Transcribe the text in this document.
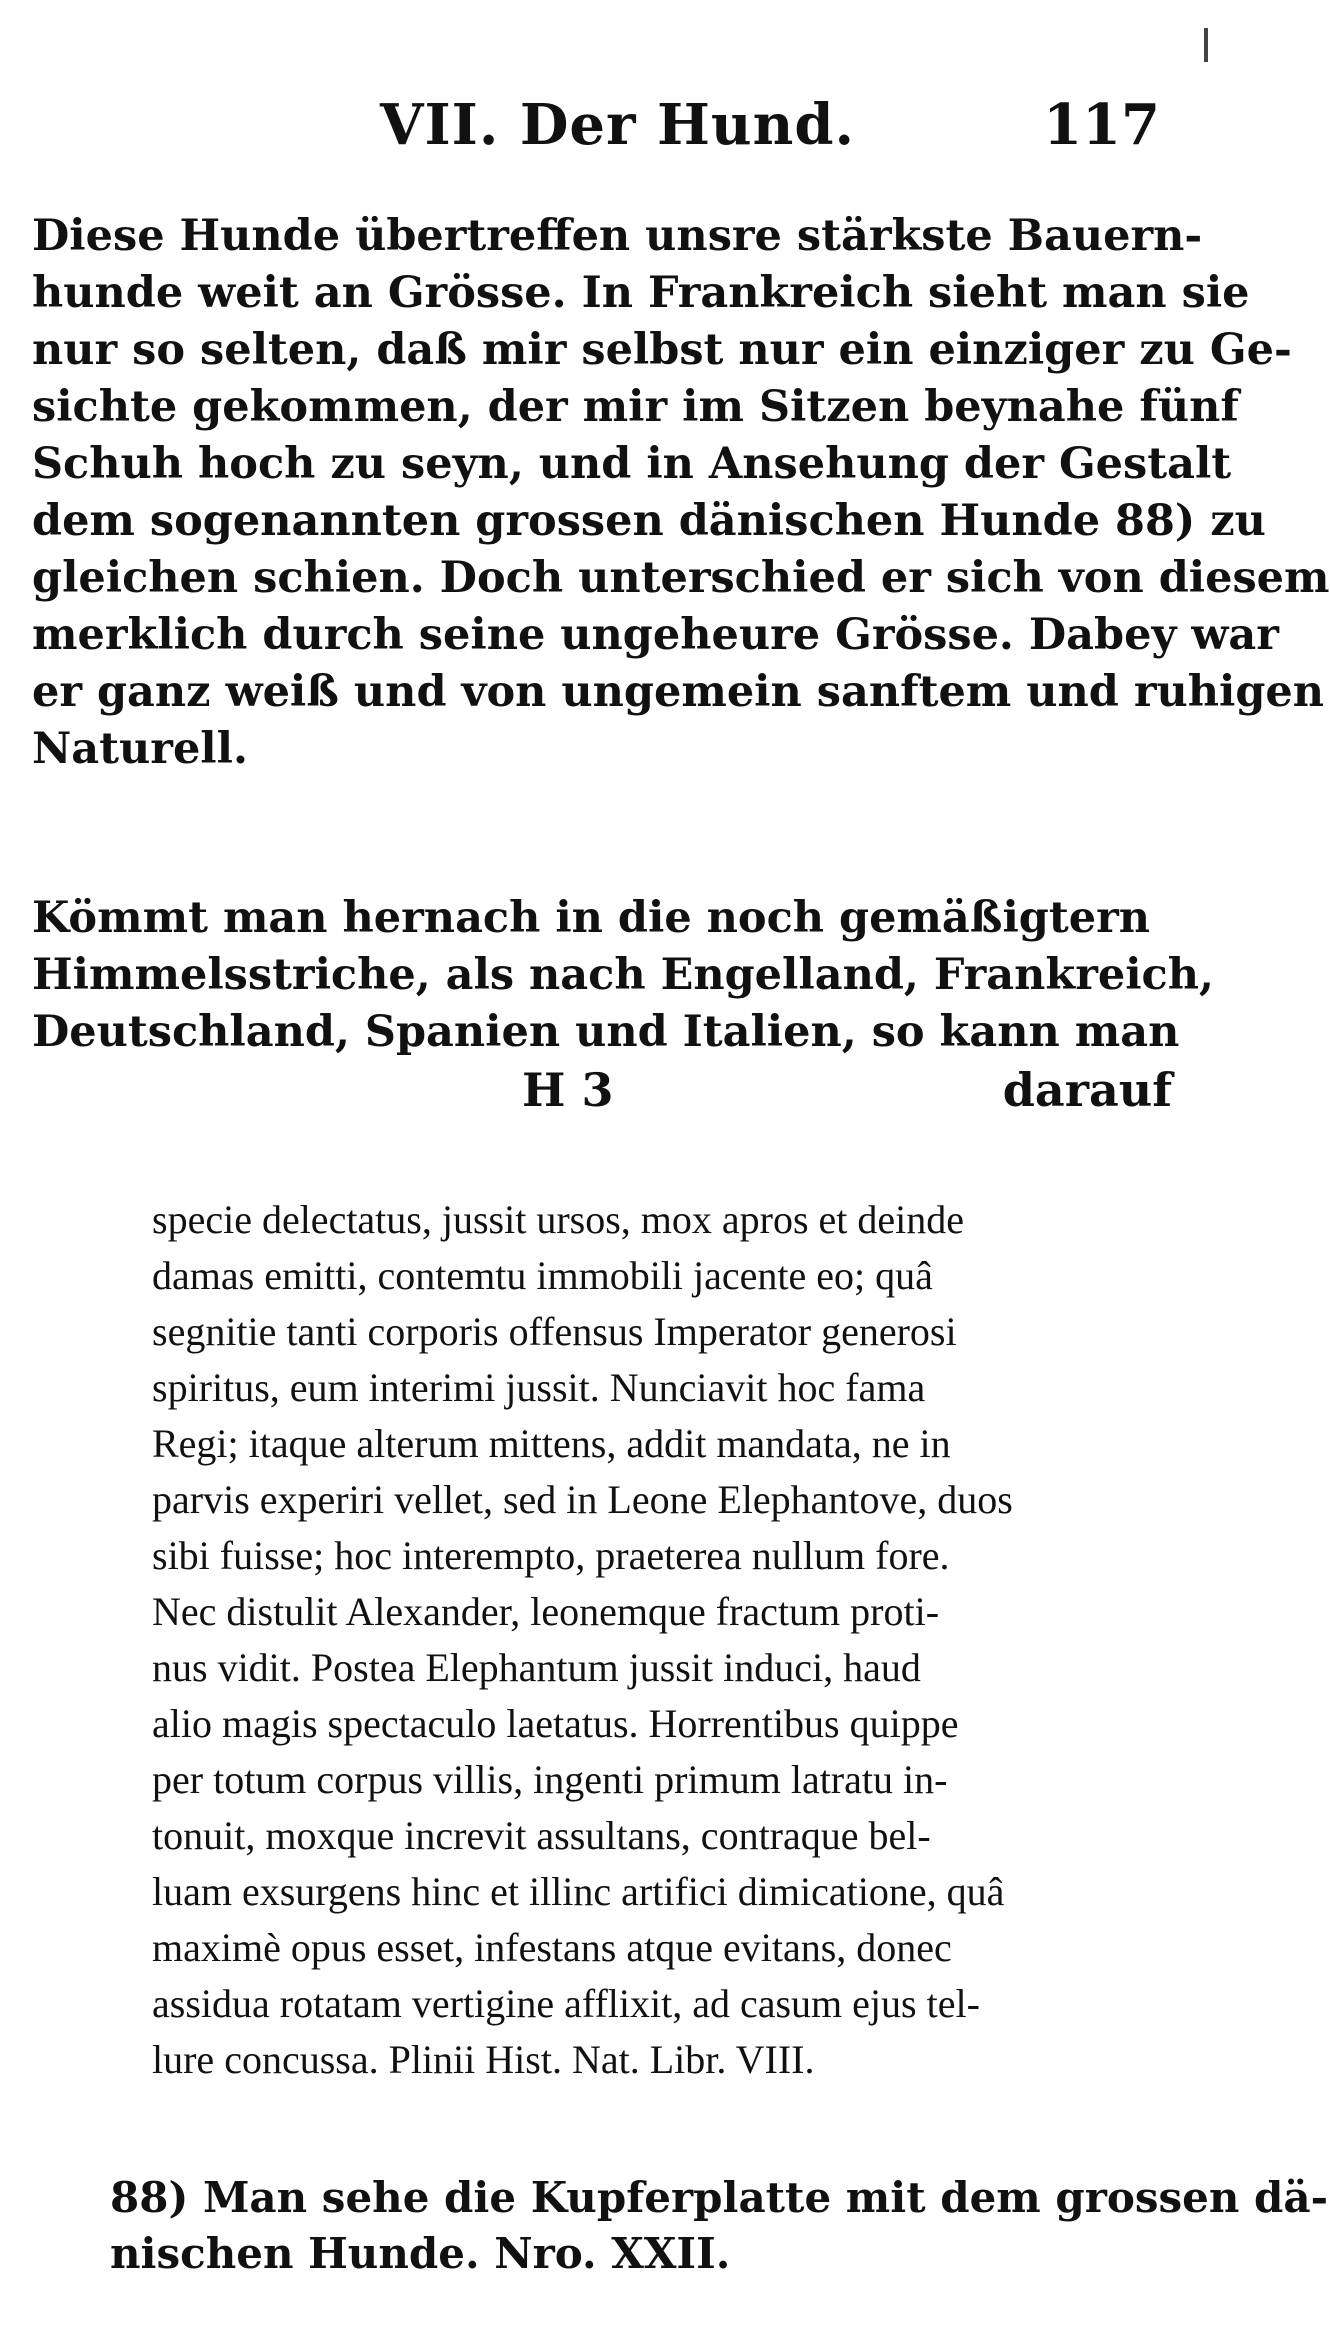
VII. Der Hund.	117
Diese Hunde übertreffen unsre stärkste Bauern-
hunde weit an Grösse. In Frankreich sieht man sie
nur so selten, daß mir selbst nur ein einziger zu Ge-
sichte gekommen, der mir im Sitzen beynahe fünf
Schuh hoch zu seyn, und in Ansehung der Gestalt
dem sogenannten grossen dänischen Hunde 88) zu
gleichen schien. Doch unterschied er sich von diesem
merklich durch seine ungeheure Grösse. Dabey war
er ganz weiß und von ungemein sanftem und ruhigen
Naturell.
Kömmt man hernach in die noch gemäßigtern
Himmelsstriche, als nach Engelland, Frankreich,
Deutschland, Spanien und Italien, so kann man
H 3	darauf
specie delectatus, jussit ursos, mox apros et deinde
damas emitti, contemtu immobili jacente eo; quâ
segnitie tanti corporis offensus Imperator generosi
spiritus, eum interimi jussit. Nunciavit hoc fama
Regi; itaque alterum mittens, addit mandata, ne in
parvis experiri vellet, sed in Leone Elephantove, duos
sibi fuisse; hoc interempto, praeterea nullum fore.
Nec distulit Alexander, leonemque fractum proti-
nus vidit. Postea Elephantum jussit induci, haud
alio magis spectaculo laetatus. Horrentibus quippe
per totum corpus villis, ingenti primum latratu in-
tonuit, moxque increvit assultans, contraque bel-
luam exsurgens hinc et illinc artifici dimicatione, quâ
maximè opus esset, infestans atque evitans, donec
assidua rotatam vertigine afflixit, ad casum ejus tel-
lure concussa. Plinii Hist. Nat. Libr. VIII.
88) Man sehe die Kupferplatte mit dem grossen dä-
nischen Hunde. Nro. XXII.
